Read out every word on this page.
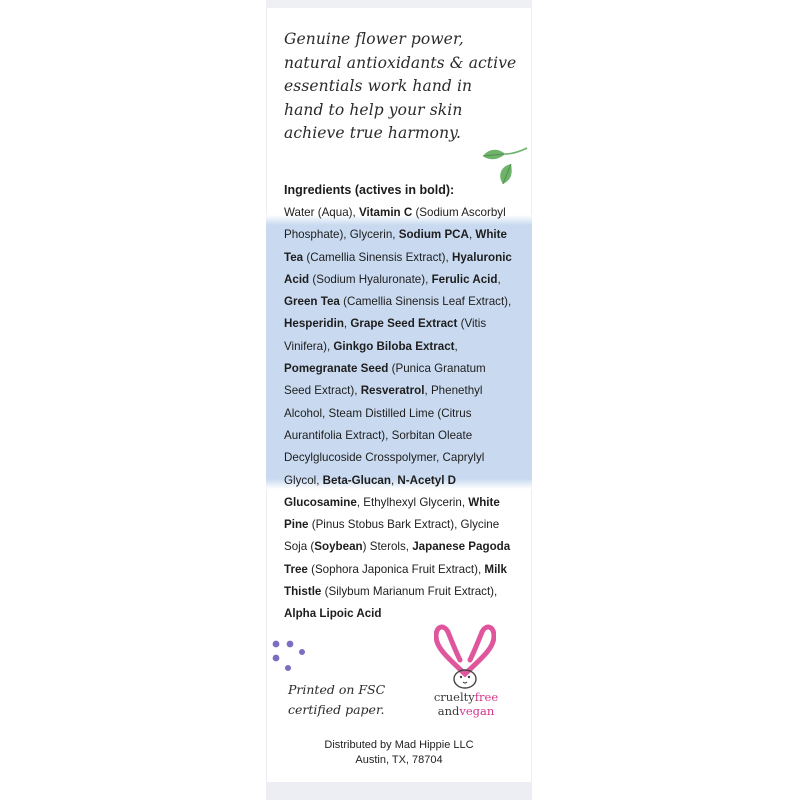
Genuine flower power,
natural antioxidants & active
essentials work hand in
hand to help your skin
achieve true harmony.

Ingredients (actives in bold):
Water (Aqua), Vitamin C (Sodium Ascorbyl
Phosphate), Glycerin, Sodium PCA, White
Tea (Camellia Sinensis Extract), Hyaluronic
Acid (Sodium Hyaluronate), Ferulic Acid,
Green Tea (Camellia Sinensis Leaf Extract),
Hesperidin, Grape Seed Extract (Vitis
Vinifera), Ginkgo Biloba Extract,
Pomegranate Seed (Punica Granatum
Seed Extract), Resveratrol, Phenethyl
Alcohol, Steam Distilled Lime (Citrus
Aurantifolia Extract), Sorbitan Oleate
Decylglucoside Crosspolymer, Caprylyl
Glycol, Beta-Glucan, N-Acetyl D
Glucosamine, Ethylhexyl Glycerin, White
Pine (Pinus Stobus Bark Extract), Glycine
Soja (Soybean) Sterols, Japanese Pagoda
Tree (Sophora Japonica Fruit Extract), Milk
Thistle (Silybum Marianum Fruit Extract),
Alpha Lipoic Acid

Printed on FSC
certified paper.

crueltyfree
andvegan
Distributed by Mad Hippie LLC
Austin, TX, 78704
